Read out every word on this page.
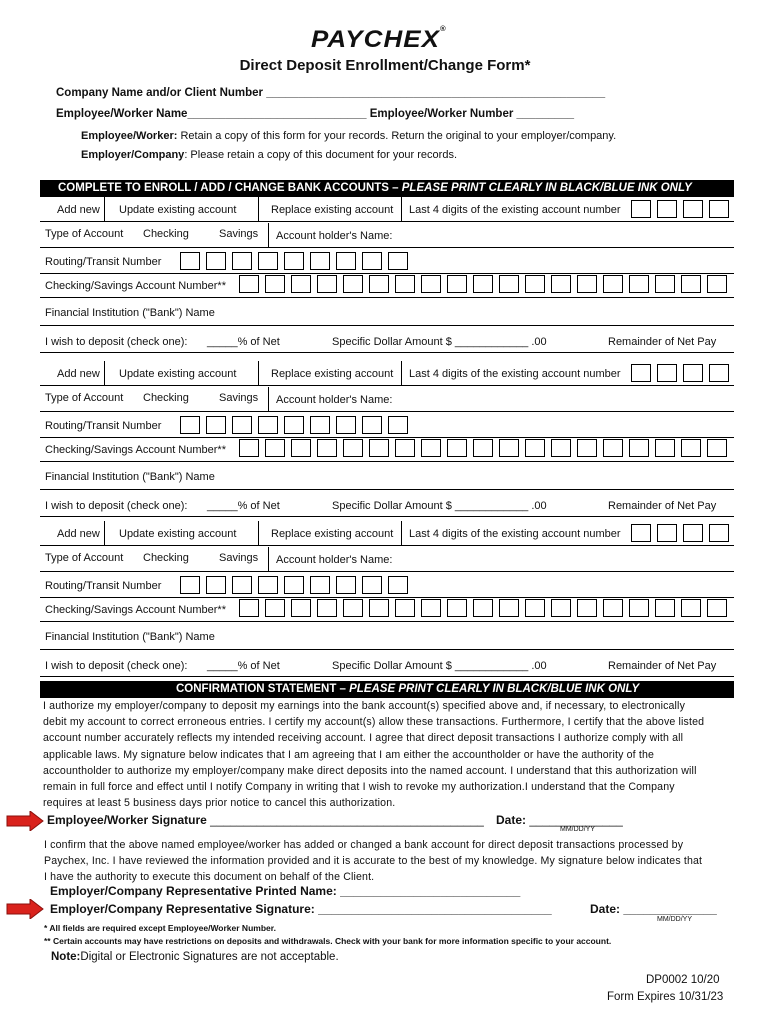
PAYCHEX®
Direct Deposit Enrollment/Change Form*
Company Name and/or Client Number _____________________________________________________
Employee/Worker Name____________________________ Employee/Worker Number _________
Employee/Worker: Retain a copy of this form for your records. Return the original to your employer/company.
Employer/Company: Please retain a copy of this document for your records.
COMPLETE TO ENROLL / ADD / CHANGE BANK ACCOUNTS – PLEASE PRINT CLEARLY IN BLACK/BLUE INK ONLY
Add new Update existing account	Replace existing account Last 4 digits of the existing account number
Type of Account Checking	Savings Account holder's Name:
Routing/Transit Number
Checking/Savings Account Number**
Financial Institution ("Bank") Name
I wish to deposit (check one): _____% of Net	Specific Dollar Amount $ ____________ .00	Remainder of Net Pay
Add new Update existing account	Replace existing account Last 4 digits of the existing account number
Type of Account Checking	Savings Account holder's Name:
Routing/Transit Number
Checking/Savings Account Number**
Financial Institution ("Bank") Name
I wish to deposit (check one): _____% of Net	Specific Dollar Amount $ ____________ .00	Remainder of Net Pay
Add new Update existing account	Replace existing account Last 4 digits of the existing account number
Type of Account Checking	Savings Account holder's Name:
Routing/Transit Number
Checking/Savings Account Number**
Financial Institution ("Bank") Name
I wish to deposit (check one): _____% of Net	Specific Dollar Amount $ ____________ .00	Remainder of Net Pay
CONFIRMATION STATEMENT – PLEASE PRINT CLEARLY IN BLACK/BLUE INK ONLY
I authorize my employer/company to deposit my earnings into the bank account(s) specified above and, if necessary, to electronically
debit my account to correct erroneous entries. I certify my account(s) allow these transactions. Furthermore, I certify that the above listed
account number accurately reflects my intended receiving account. I agree that direct deposit transactions I authorize comply with all
applicable laws. My signature below indicates that I am agreeing that I am either the accountholder or have the authority of the
accountholder to authorize my employer/company make direct deposits into the named account. I understand that this authorization will
remain in full force and effect until I notify Company in writing that I wish to revoke my authorization.I understand that the Company
requires at least 5 business days prior notice to cancel this authorization.
Employee/Worker Signature _________________________________________ Date: ______________
MM/DD/YY
I confirm that the above named employee/worker has added or changed a bank account for direct deposit transactions processed by
Paychex, Inc. I have reviewed the information provided and it is accurate to the best of my knowledge. My signature below indicates that
I have the authority to execute this document on behalf of the Client.
Employer/Company Representative Printed Name: ___________________________
Employer/Company Representative Signature: ___________________________________	Date: ______________
MM/DD/YY
* All fields are required except Employee/Worker Number.
** Certain accounts may have restrictions on deposits and withdrawals. Check with your bank for more information specific to your account.
Note:Digital or Electronic Signatures are not acceptable.
DP0002 10/20
Form Expires 10/31/23
